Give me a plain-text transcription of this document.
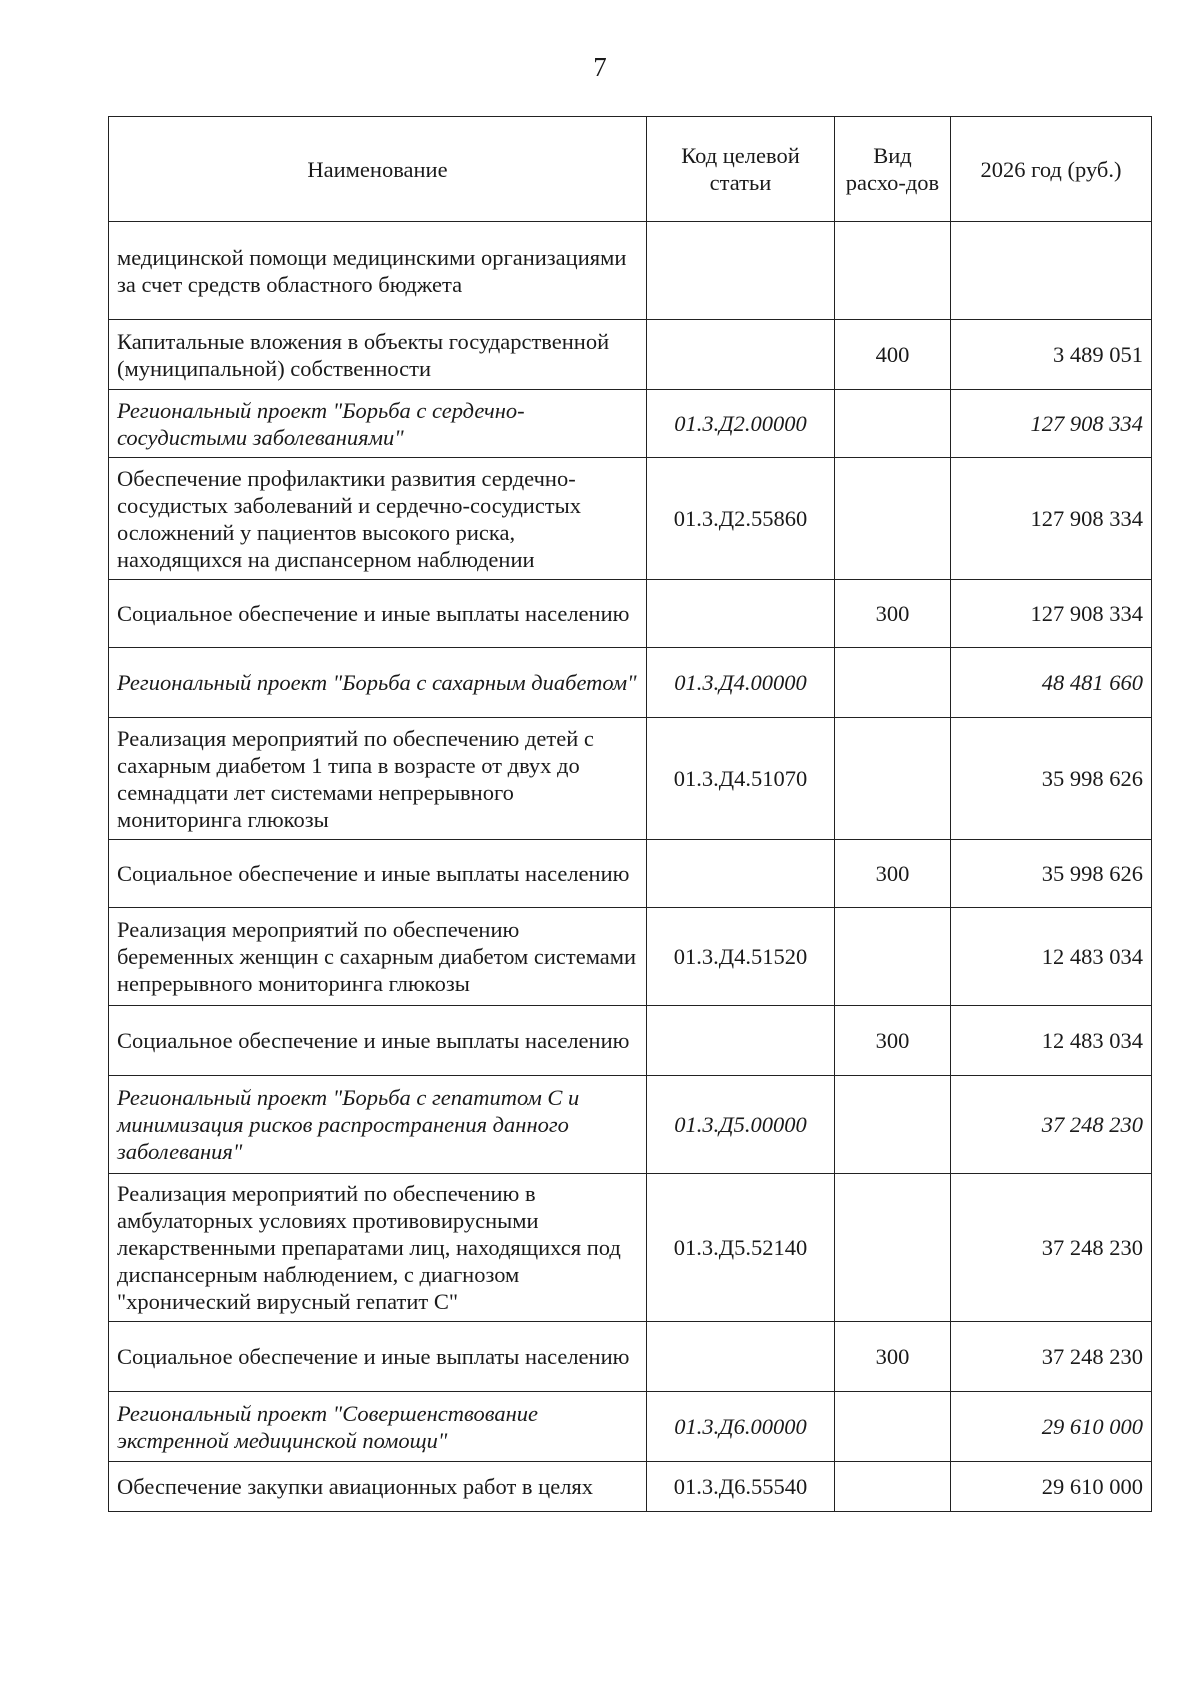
7
Наименование	Код целевой статьи	Вид расхо-дов	2026 год (руб.)
медицинской помощи медицинскими организациями за счет средств областного бюджета			
Капитальные вложения в объекты государственной (муниципальной) собственности		400	3 489 051
Региональный проект "Борьба с сердечно-сосудистыми заболеваниями"	01.3.Д2.00000		127 908 334
Обеспечение профилактики развития сердечно-сосудистых заболеваний и сердечно-сосудистых осложнений у пациентов высокого риска, находящихся на диспансерном наблюдении	01.3.Д2.55860		127 908 334
Социальное обеспечение и иные выплаты населению		300	127 908 334
Региональный проект "Борьба с сахарным диабетом"	01.3.Д4.00000		48 481 660
Реализация мероприятий по обеспечению детей с сахарным диабетом 1 типа в возрасте от двух до семнадцати лет системами непрерывного мониторинга глюкозы	01.3.Д4.51070		35 998 626
Социальное обеспечение и иные выплаты населению		300	35 998 626
Реализация мероприятий по обеспечению беременных женщин с сахарным диабетом системами непрерывного мониторинга глюкозы	01.3.Д4.51520		12 483 034
Социальное обеспечение и иные выплаты населению		300	12 483 034
Региональный проект "Борьба с гепатитом С и минимизация рисков распространения данного заболевания"	01.3.Д5.00000		37 248 230
Реализация мероприятий по обеспечению в амбулаторных условиях противовирусными лекарственными препаратами лиц, находящихся под диспансерным наблюдением, с диагнозом "хронический вирусный гепатит С"	01.3.Д5.52140		37 248 230
Социальное обеспечение и иные выплаты населению		300	37 248 230
Региональный проект "Совершенствование экстренной медицинской помощи"	01.3.Д6.00000		29 610 000
Обеспечение закупки авиационных работ в целях	01.3.Д6.55540		29 610 000
